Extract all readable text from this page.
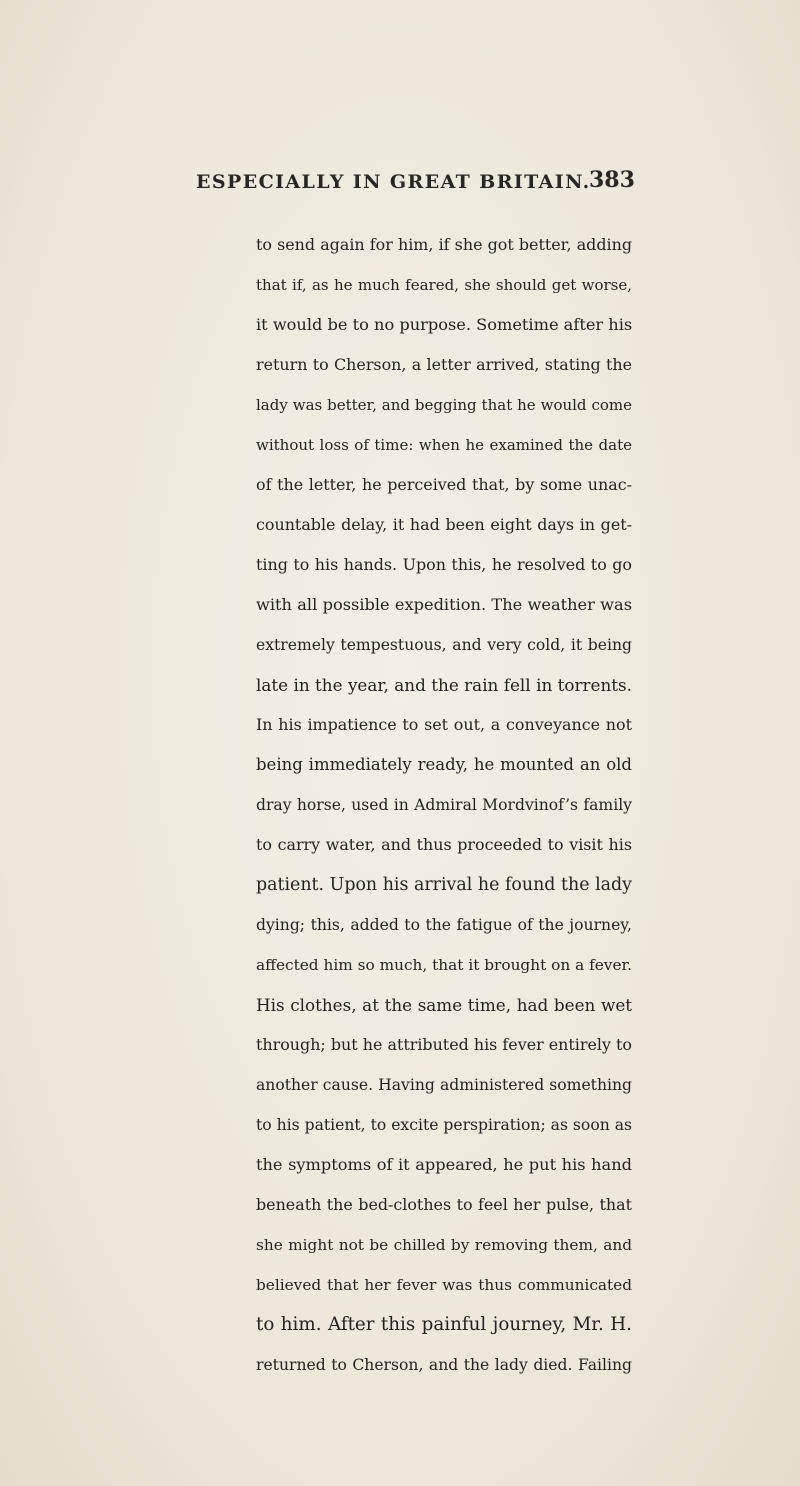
ESPECIALLY IN GREAT BRITAIN.
383
to send again for him, if she got better, adding
that if, as he much feared, she should get worse,
it would be to no purpose. Sometime after his
return to Cherson, a letter arrived, stating the
lady was better, and begging that he would come
without loss of time: when he examined the date
of the letter, he perceived that, by some unac-
countable delay, it had been eight days in get-
ting to his hands. Upon this, he resolved to go
with all possible expedition. The weather was
extremely tempestuous, and very cold, it being
late in the year, and the rain fell in torrents.
In his impatience to set out, a conveyance not
being immediately ready, he mounted an old
dray horse, used in Admiral Mordvinof’s family
to carry water, and thus proceeded to visit his
patient. Upon his arrival he found the lady
dying; this, added to the fatigue of the journey,
affected him so much, that it brought on a fever.
His clothes, at the same time, had been wet
through; but he attributed his fever entirely to
another cause. Having administered something
to his patient, to excite perspiration; as soon as
the symptoms of it appeared, he put his hand
beneath the bed-clothes to feel her pulse, that
she might not be chilled by removing them, and
believed that her fever was thus communicated
to him. After this painful journey, Mr. H.
returned to Cherson, and the lady died. Failing
